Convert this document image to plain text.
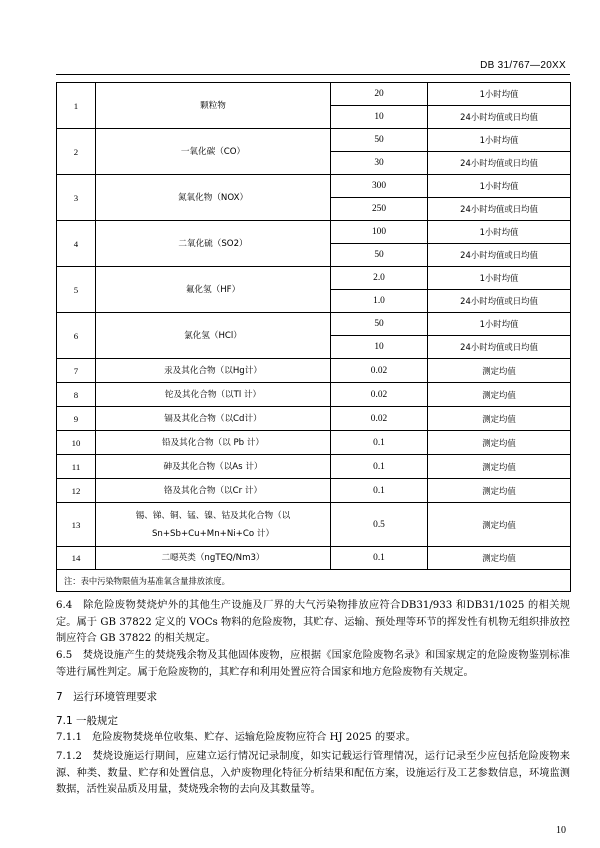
DB 31/767—20XX
1	颗粒物	20	1小时均值
		10	24小时均值或日均值
2	一氧化碳（CO）	50	1小时均值
		30	24小时均值或日均值
3	氮氧化物（NOX）	300	1小时均值
		250	24小时均值或日均值
4	二氧化硫（SO2）	100	1小时均值
		50	24小时均值或日均值
5	氟化氢（HF）	2.0	1小时均值
		1.0	24小时均值或日均值
6	氯化氢（HCl）	50	1小时均值
		10	24小时均值或日均值
7	汞及其化合物（以Hg计）	0.02	测定均值
8	铊及其化合物（以Tl 计）	0.02	测定均值
9	镉及其化合物（以Cd计）	0.02	测定均值
10	铅及其化合物（以 Pb 计）	0.1	测定均值
11	砷及其化合物（以As 计）	0.1	测定均值
12	铬及其化合物（以Cr 计）	0.1	测定均值
13	锡、锑、铜、锰、镍、钴及其化合物（以
Sn+Sb+Cu+Mn+Ni+Co 计）	0.5	测定均值
14	二噁英类（ngTEQ/Nm3）	0.1	测定均值
注：表中污染物限值为基准氧含量排放浓度。			
6.4　除危险废物焚烧炉外的其他生产设施及厂界的大气污染物排放应符合DB31/933 和DB31/1025 的相关规定。属于 GB 37822 定义的 VOCs 物料的危险废物，其贮存、运输、预处理等环节的挥发性有机物无组织排放控制应符合 GB 37822 的相关规定。
6.5　焚烧设施产生的焚烧残余物及其他固体废物，应根据《国家危险废物名录》和国家规定的危险废物鉴别标准等进行属性判定。属于危险废物的，其贮存和利用处置应符合国家和地方危险废物有关规定。
7　运行环境管理要求
7.1 一般规定
7.1.1　危险废物焚烧单位收集、贮存、运输危险废物应符合 HJ 2025 的要求。
7.1.2　焚烧设施运行期间，应建立运行情况记录制度，如实记载运行管理情况，运行记录至少应包括危险废物来源、种类、数量、贮存和处置信息，入炉废物理化特征分析结果和配伍方案，设施运行及工艺参数信息，环境监测数据，活性炭品质及用量，焚烧残余物的去向及其数量等。
10
